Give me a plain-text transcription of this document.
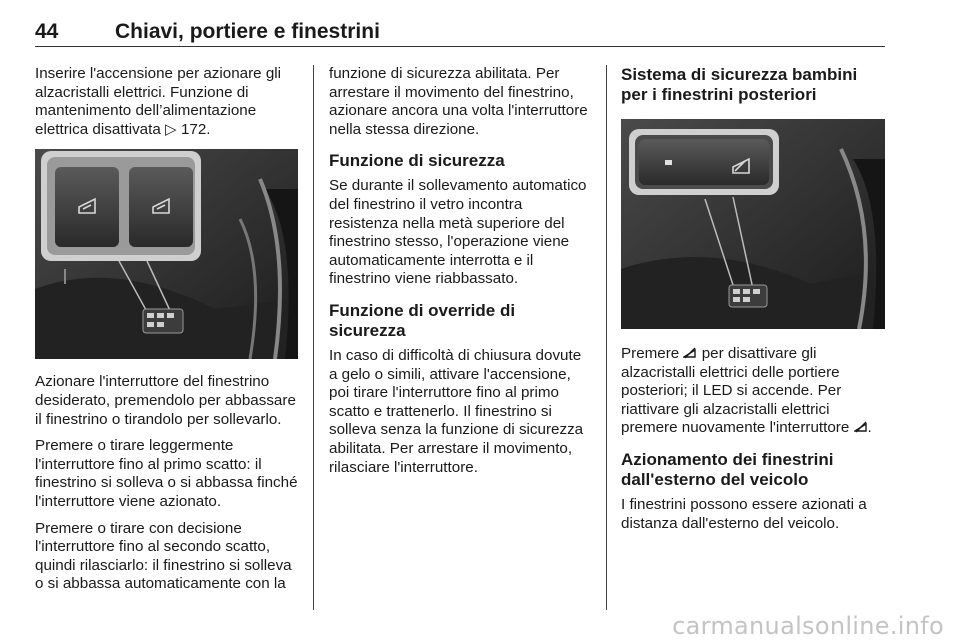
44	Chiavi, portiere e finestrini

Inserire l'accensione per azionare gli alzacristalli elettrici. Funzione di mantenimento dell’alimentazione elettrica disattivata ▷ 172.

Azionare l'interruttore del finestrino desiderato, premendolo per abbassare il finestrino o tirandolo per sollevarlo.

Premere o tirare leggermente l'interruttore fino al primo scatto: il finestrino si solleva o si abbassa finché l'interruttore viene azionato.

Premere o tirare con decisione l'interruttore fino al secondo scatto, quindi rilasciarlo: il finestrino si solleva o si abbassa automaticamente con la

funzione di sicurezza abilitata. Per arrestare il movimento del finestrino, azionare ancora una volta l'interruttore nella stessa direzione.

Funzione di sicurezza

Se durante il sollevamento automatico del finestrino il vetro incontra resistenza nella metà superiore del finestrino stesso, l'operazione viene automaticamente interrotta e il finestrino viene riabbassato.

Funzione di override di sicurezza

In caso di difficoltà di chiusura dovute a gelo o simili, attivare l'accensione, poi tirare l'interruttore fino al primo scatto e trattenerlo. Il finestrino si solleva senza la funzione di sicurezza abilitata. Per arrestare il movimento, rilasciare l'interruttore.

Sistema di sicurezza bambini per i finestrini posteriori

Premere per disattivare gli alzacristalli elettrici delle portiere posteriori; il LED si accende. Per riattivare gli alzacristalli elettrici premere nuovamente l'interruttore .

Azionamento dei finestrini dall'esterno del veicolo

I finestrini possono essere azionati a distanza dall'esterno del veicolo.

carmanualsonline.info
